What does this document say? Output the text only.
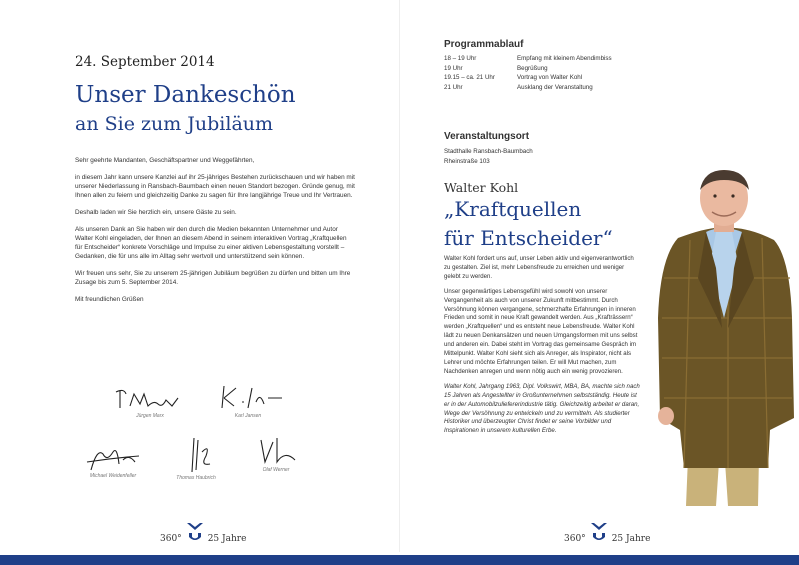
24. September 2014
Unser Dankeschön
an Sie zum Jubiläum

Sehr geehrte Mandanten, Geschäftspartner und Weggefährten,

in diesem Jahr kann unsere Kanzlei auf ihr 25-jähriges Bestehen zurückschauen und wir haben mit unserer Niederlassung in Ransbach-Baumbach einen neuen Standort bezogen. Gründe genug, mit Ihnen allen zu feiern und gleichzeitig Danke zu sagen für Ihre langjährige Treue und Ihr Vertrauen.

Deshalb laden wir Sie herzlich ein, unsere Gäste zu sein.

Als unseren Dank an Sie haben wir den durch die Medien bekannten Unternehmer und Autor Walter Kohl eingeladen, der Ihnen an diesem Abend in seinem interaktiven Vortrag „Kraftquellen für Entscheider“ konkrete Vorschläge und Impulse zu einer aktiven Lebensgestaltung vorstellt – Gedanken, die für uns alle im Alltag sehr wertvoll und unterstützend sein können.

Wir freuen uns sehr, Sie zu unserem 25-jährigen Jubiläum begrüßen zu dürfen und bitten um Ihre Zusage bis zum 5. September 2014.

Mit freundlichen Grüßen

Jürgen Marx	Karl Jansen
Michael Weidenfeller	Thomas Haubrich
Olaf Werner
360°	25 Jahre
Programmablauf
18 – 19 Uhr	Empfang mit kleinem Abendimbiss
19 Uhr	Begrüßung
19.15 – ca. 21 Uhr	Vortrag von Walter Kohl
21 Uhr	Ausklang der Veranstaltung
Veranstaltungsort
Stadthalle Ransbach-Baumbach
Rheinstraße 103
Walter Kohl
„Kraftquellen
für Entscheider“

Walter Kohl fordert uns auf, unser Leben aktiv und eigenverantwortlich zu gestalten. Ziel ist, mehr Lebensfreude zu erreichen und weniger gelebt zu werden.

Unser gegenwärtiges Lebensgefühl wird sowohl von unserer Vergangenheit als auch von unserer Zukunft mitbestimmt. Durch Versöhnung können vergangene, schmerzhafte Erfahrungen in inneren Frieden und somit in neue Kraft gewandelt werden. Aus „Krafträssern“ werden „Kraftquellen“ und es entsteht neue Lebensfreude. Walter Kohl lädt zu neuen Denkansätzen und neuen Umgangsformen mit uns selbst und anderen ein. Dabei steht im Vortrag das gemeinsame Gespräch im Mittelpunkt. Walter Kohl sieht sich als Anreger, als Inspirator, nicht als Lehrer und möchte Erfahrungen teilen. Er will Mut machen, zum Nachdenken anregen und wenn nötig auch ein wenig provozieren.

Walter Kohl, Jahrgang 1963, Dipl. Volkswirt, MBA, BA, machte sich nach 15 Jahren als Angestellter in Großunternehmen selbstständig. Heute ist er in der Automobilzuliefererindustrie tätig. Gleichzeitig arbeitet er daran, Wege der Versöhnung zu entwickeln und zu vermitteln. Als studierter Historiker und überzeugter Christ findet er seine Vorbilder und Inspirationen in unserem kulturellen Erbe.

360°	25 Jahre
